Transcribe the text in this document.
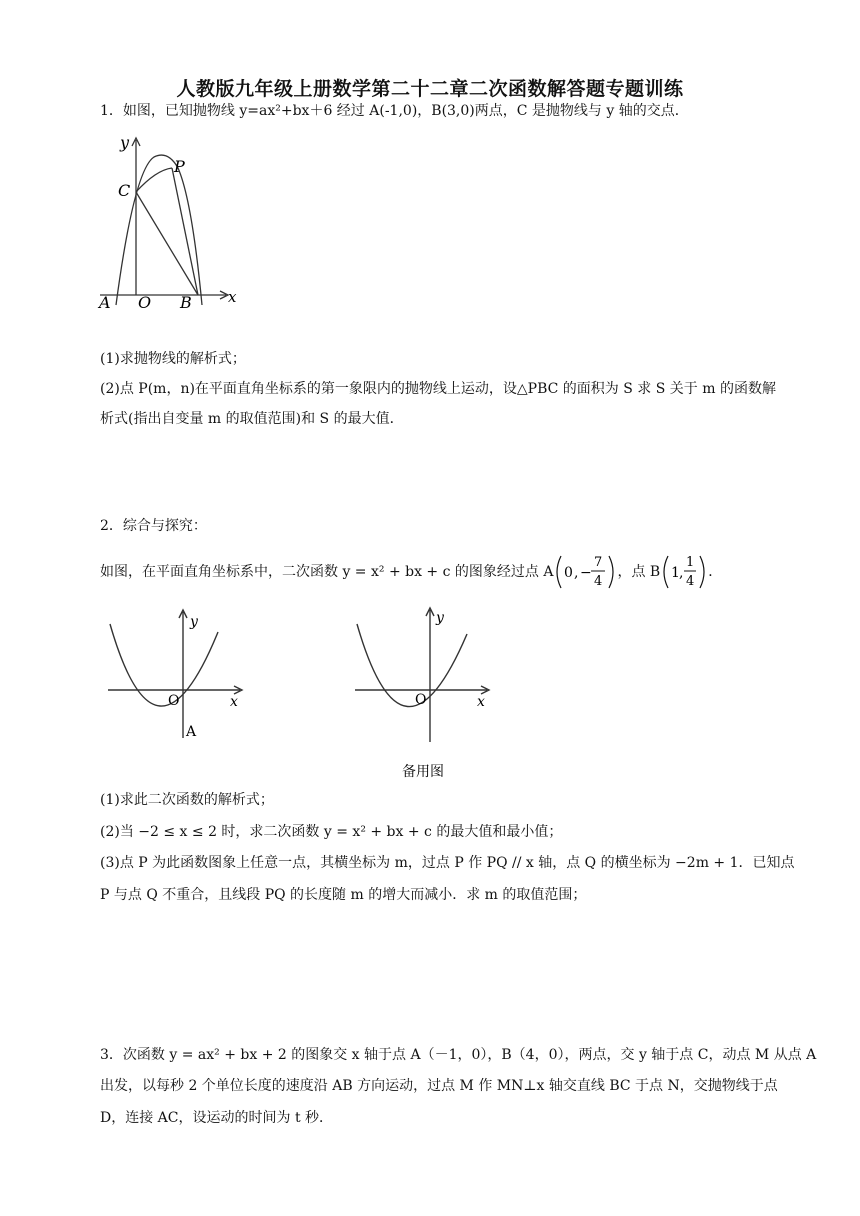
人教版九年级上册数学第二十二章二次函数解答题专题训练
1．如图，已知抛物线 y=ax²+bx＋6 经过 A(-1,0)，B(3,0)两点，C 是抛物线与 y 轴的交点．
y
x
C
P
A O B
(1)求抛物线的解析式；
(2)点 P(m，n)在平面直角坐标系的第一象限内的抛物线上运动，设△PBC 的面积为 S 求 S 关于 m 的函数解
析式(指出自变量 m 的取值范围)和 S 的最大值．
2．综合与探究：
如图，在平面直角坐标系中，二次函数 y = x² + bx + c 的图象经过点 A 0 , −
7
4
，点 B 1 ,
1
4
．
y
x
O
A
y
x
O
备用图
(1)求此二次函数的解析式；
(2)当 −2 ≤ x ≤ 2 时，求二次函数 y = x² + bx + c 的最大值和最小值；
(3)点 P 为此函数图象上任意一点，其横坐标为 m，过点 P 作 PQ // x 轴，点 Q 的横坐标为 −2m + 1．已知点
P 与点 Q 不重合，且线段 PQ 的长度随 m 的增大而减小．求 m 的取值范围；
3．次函数 y = ax² + bx + 2 的图象交 x 轴于点 A（－1，0），B（4，0），两点，交 y 轴于点 C，动点 M 从点 A
出发，以每秒 2 个单位长度的速度沿 AB 方向运动，过点 M 作 MN⊥x 轴交直线 BC 于点 N，交抛物线于点
D，连接 AC，设运动的时间为 t 秒．
